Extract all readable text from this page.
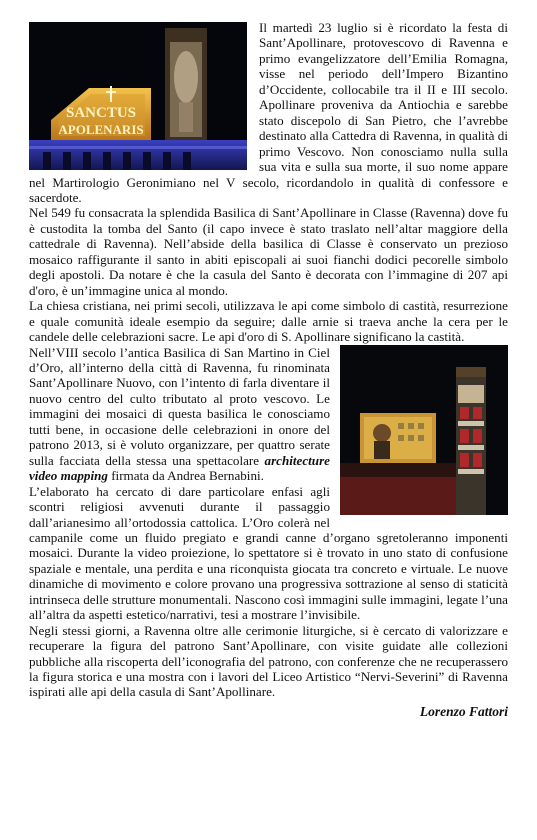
SANCTUS
APOLENARIS

Il martedì 23 luglio si è ricordato la festa di Sant’Apollinare, protovescovo di Ravenna e primo evangelizzatore dell’Emilia Romagna, visse nel periodo dell’Impero Bizantino d’Occidente, collocabile tra il II e III secolo. Apollinare proveniva da Antiochia e sarebbe stato discepolo di San Pietro, che l’avrebbe destinato alla Cattedra di Ravenna, in qualità di primo Vescovo. Non conosciamo nulla sulla sua vita e sulla sua morte, il suo nome appare nel Martirologio Geronimiano nel V secolo, ricordandolo in qualità di confessore e sacerdote.

Nel 549 fu consacrata la splendida Basilica di Sant’Apollinare in Classe (Ravenna) dove fu è custodita la tomba del Santo (il capo invece è stato traslato nell’altar maggiore della cattedrale di Ravenna). Nell’abside della basilica di Classe è conservato un prezioso mosaico raffigurante il santo in abiti episcopali ai suoi fianchi dodici pecorelle simbolo degli apostoli. Da notare è che la casula del Santo è decorata con l’immagine di 207 api d'oro, è un’immagine unica al mondo.

La chiesa cristiana, nei primi secoli, utilizzava le api come simbolo di castità, resurrezione e quale comunità ideale esempio da seguire; dalle arnie si traeva anche la cera per le candele delle celebrazioni sacre. Le api d'oro di S. Apollinare significano la castità.

Nell’VIII secolo l’antica Basilica di San Martino in Ciel d’Oro, all’interno della città di Ravenna, fu rinominata Sant’Apollinare Nuovo, con l’intento di farla diventare il nuovo centro del culto tributato al proto vescovo. Le immagini dei mosaici di questa basilica le conosciamo tutti bene, in occasione delle celebrazioni in onore del patrono 2013, si è voluto organizzare, per quattro serate sulla facciata della stessa una spettacolare architecture video mapping firmata da Andrea Bernabini.

L’elaborato ha cercato di dare particolare enfasi agli scontri religiosi avvenuti durante il passaggio dall’arianesimo all’ortodossia cattolica. L’Oro colerà nel campanile come un fluido pregiato e grandi canne d’organo sgretoleranno imponenti mosaici. Durante la video proiezione, lo spettatore si è trovato in uno stato di confusione spaziale e mentale, una perdita e una riconquista giocata tra concreto e virtuale. Le nuove dinamiche di movimento e colore provano una progressiva sottrazione al senso di staticità intrinseca delle strutture monumentali. Nascono così immagini sulle immagini, legate l’una all’altra da aspetti estetico/narrativi, tesi a mostrare l’invisibile.

Negli stessi giorni, a Ravenna oltre alle cerimonie liturgiche, si è cercato di valorizzare e recuperare la figura del patrono Sant’Apollinare, con visite guidate alle collezioni pubbliche alla riscoperta dell’iconografia del patrono, con conferenze che ne recuperassero la figura storica e una mostra con i lavori del Liceo Artistico “Nervi-Severini” di Ravenna ispirati alle api della casula di Sant’Apollinare.

Lorenzo Fattori
